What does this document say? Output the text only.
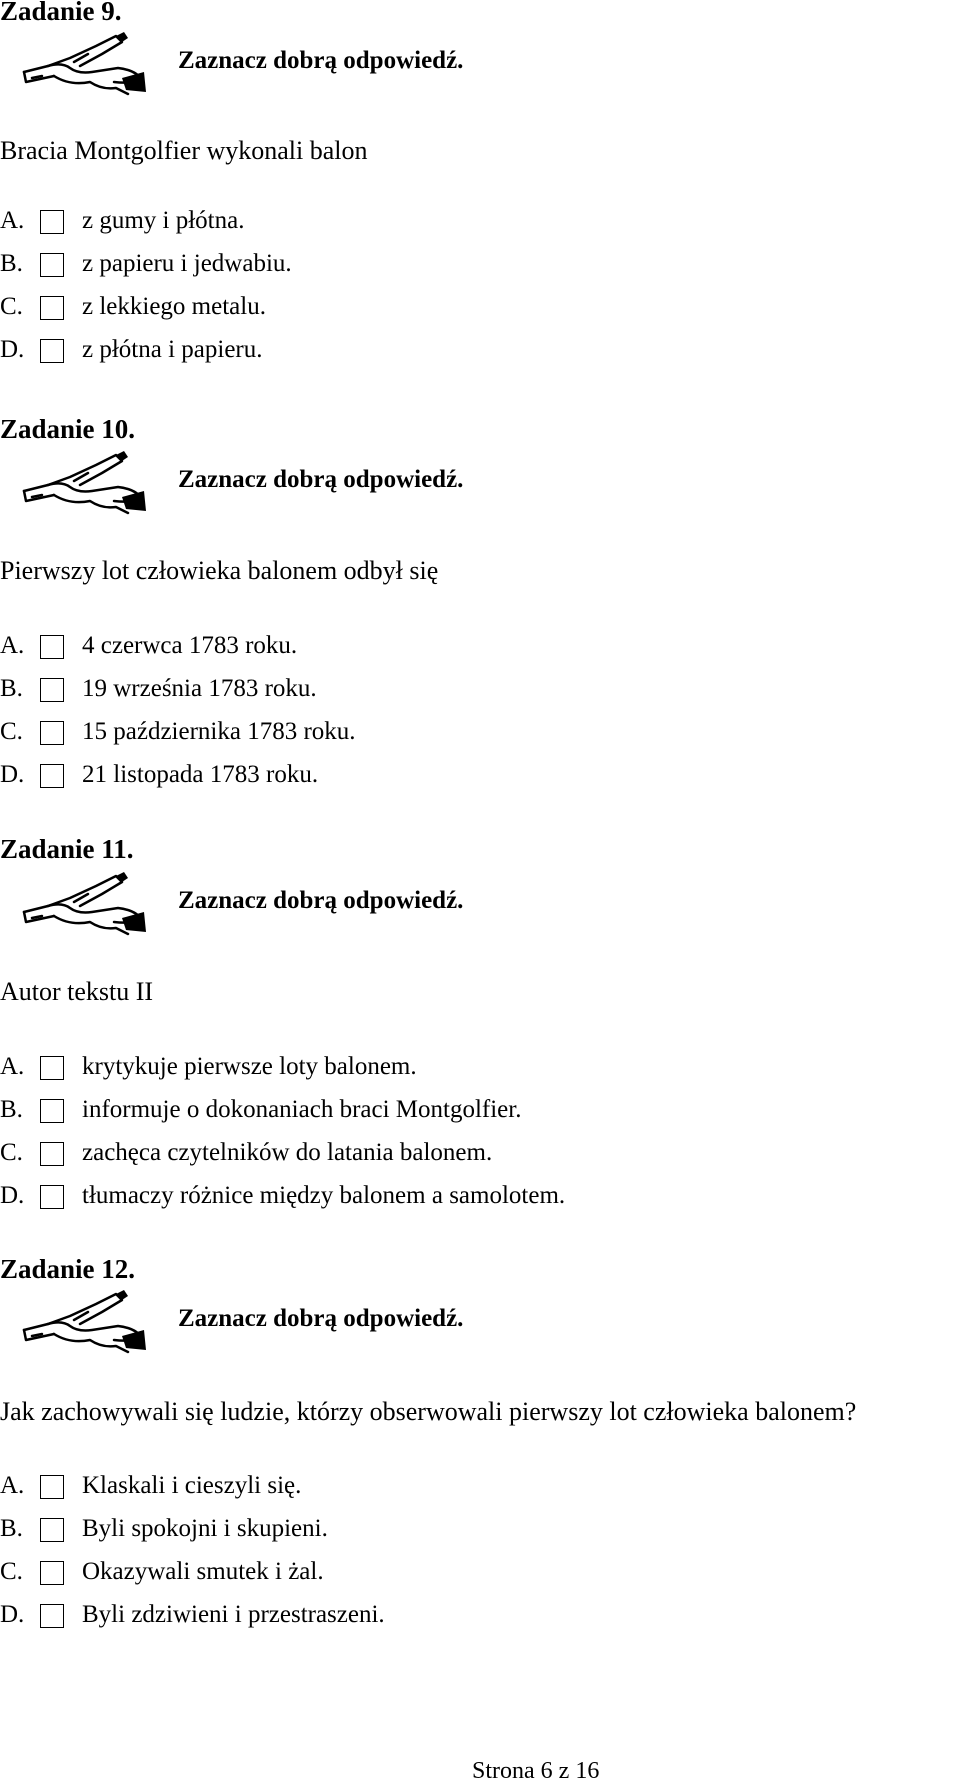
Zadanie 9.
Zaznacz dobrą odpowiedź.
Bracia Montgolfier wykonali balon
A. z gumy i płótna.
B. z papieru i jedwabiu.
C. z lekkiego metalu.
D. z płótna i papieru.
Zadanie 10.
Zaznacz dobrą odpowiedź.
Pierwszy lot człowieka balonem odbył się
A. 4 czerwca 1783 roku.
B. 19 września 1783 roku.
C. 15 października 1783 roku.
D. 21 listopada 1783 roku.
Zadanie 11.
Zaznacz dobrą odpowiedź.
Autor tekstu II
A. krytykuje pierwsze loty balonem.
B. informuje o dokonaniach braci Montgolfier.
C. zachęca czytelników do latania balonem.
D. tłumaczy różnice między balonem a samolotem.
Zadanie 12.
Zaznacz dobrą odpowiedź.
Jak zachowywali się ludzie, którzy obserwowali pierwszy lot człowieka balonem?
A. Klaskali i cieszyli się.
B. Byli spokojni i skupieni.
C. Okazywali smutek i żal.
D. Byli zdziwieni i przestraszeni.
Strona 6 z 16
